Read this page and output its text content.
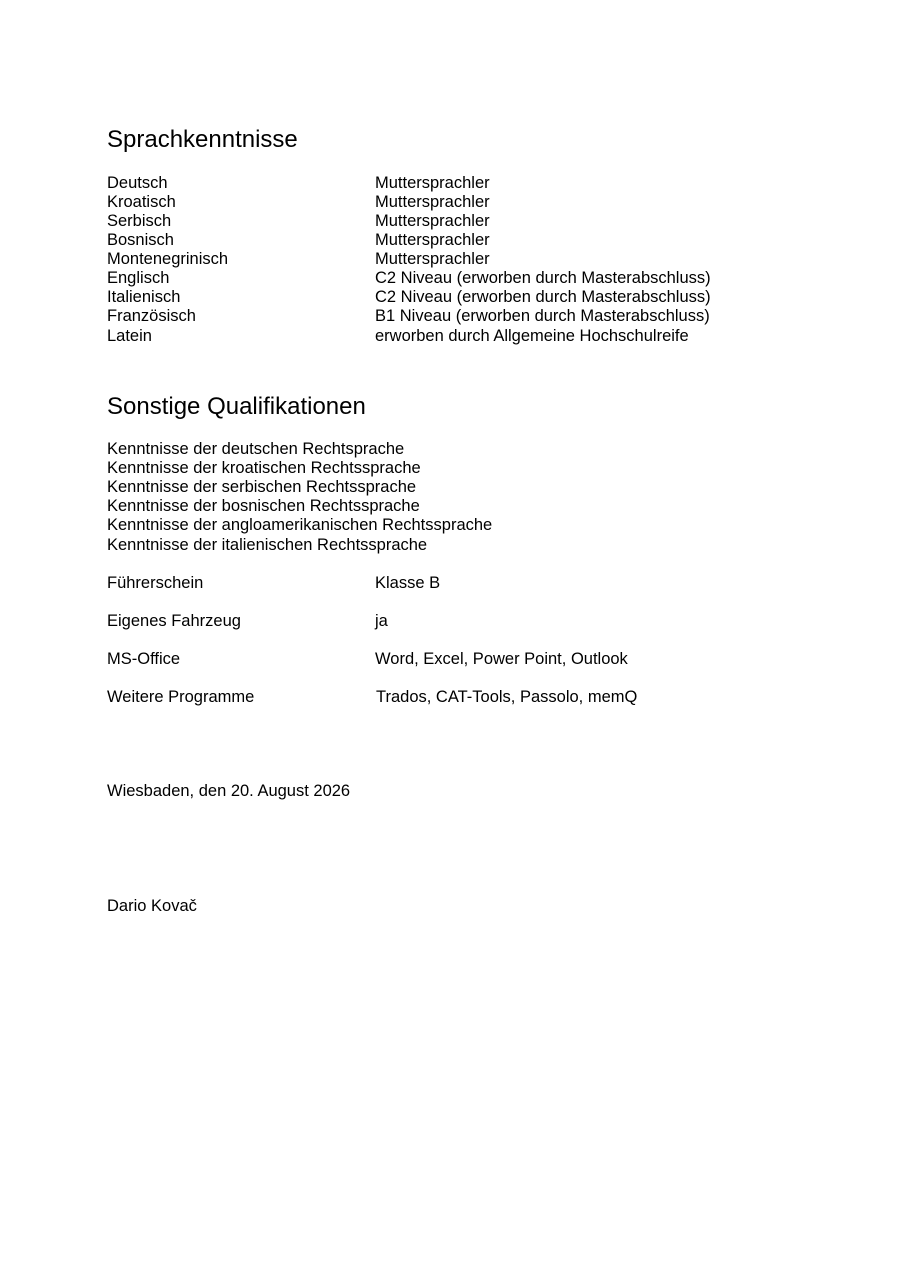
Sprachkenntnisse
Deutsch	Muttersprachler
Kroatisch	Muttersprachler
Serbisch	Muttersprachler
Bosnisch	Muttersprachler
Montenegrinisch	Muttersprachler
Englisch	C2 Niveau (erworben durch Masterabschluss)
Italienisch	C2 Niveau (erworben durch Masterabschluss)
Französisch	B1 Niveau (erworben durch Masterabschluss)
Latein	erworben durch Allgemeine Hochschulreife
Sonstige Qualifikationen
Kenntnisse der deutschen Rechtsprache
Kenntnisse der kroatischen Rechtssprache
Kenntnisse der serbischen Rechtssprache
Kenntnisse der bosnischen Rechtssprache
Kenntnisse der angloamerikanischen Rechtssprache
Kenntnisse der italienischen Rechtssprache
Führerschein	Klasse B
Eigenes Fahrzeug	ja
MS-Office	Word, Excel, Power Point, Outlook
Weitere Programme	Trados, CAT-Tools, Passolo, memQ
Wiesbaden, den 20. August 2026
Dario Kovač
